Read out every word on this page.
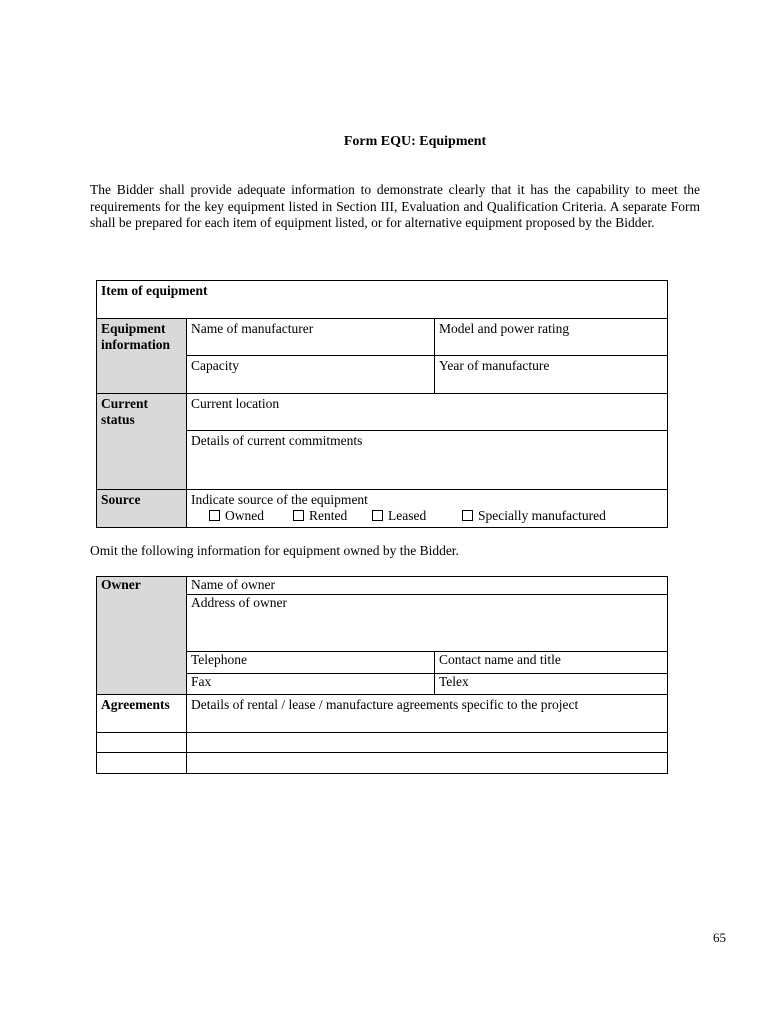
Form EQU: Equipment

The Bidder shall provide adequate information to demonstrate clearly that it has the capability to meet the requirements for the key equipment listed in Section III, Evaluation and Qualification Criteria. A separate Form shall be prepared for each item of equipment listed, or for alternative equipment proposed by the Bidder.

Item of equipment		
Equipment information	Name of manufacturer	Model and power rating
	Capacity	Year of manufacture
Current status	Current location	
	Details of current commitments	
Source	Indicate source of the equipment
Owned Rented Leased Specially manufactured	

Omit the following information for equipment owned by the Bidder.

Owner	Name of owner	
	Address of owner	
	Telephone	Contact name and title
	Fax	Telex
Agreements	Details of rental / lease / manufacture agreements specific to the project	

65
